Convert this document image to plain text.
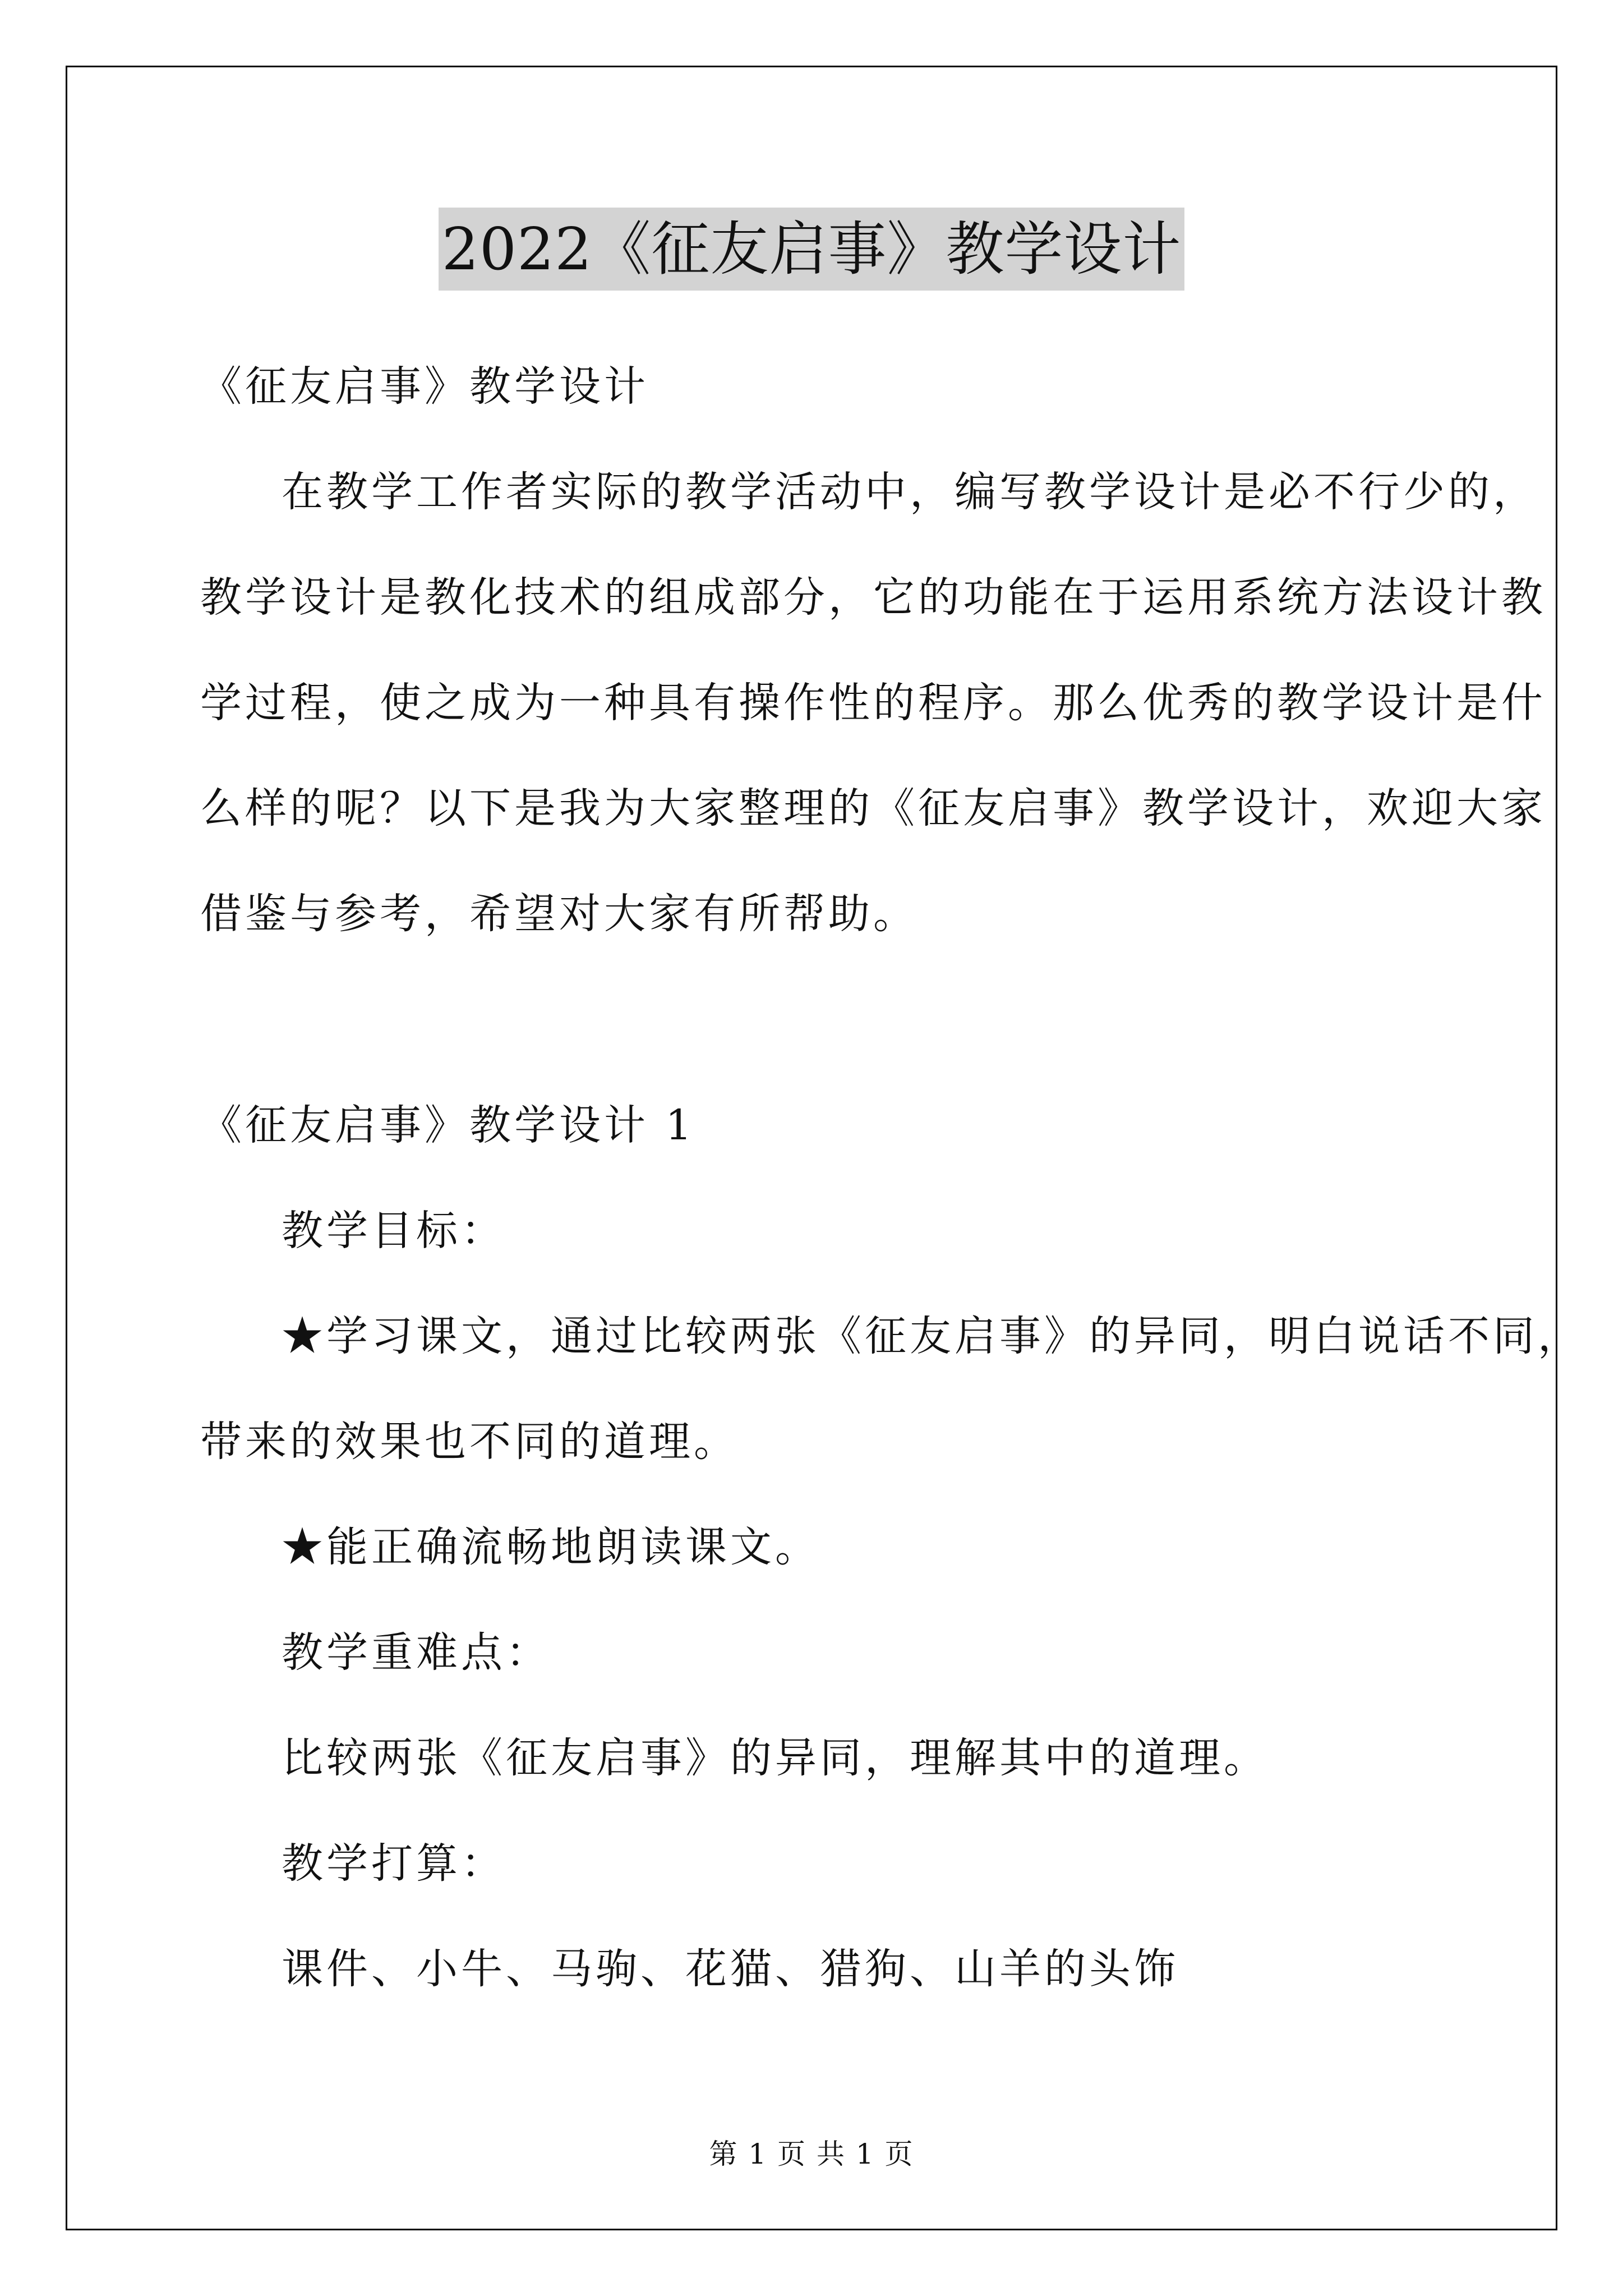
2022《征友启事》教学设计
《征友启事》教学设计
在教学工作者实际的教学活动中，编写教学设计是必不行少的，
教学设计是教化技术的组成部分，它的功能在于运用系统方法设计教
学过程，使之成为一种具有操作性的程序。那么优秀的教学设计是什
么样的呢？以下是我为大家整理的《征友启事》教学设计，欢迎大家
借鉴与参考，希望对大家有所帮助。
《征友启事》教学设计 1
教学目标：
★学习课文，通过比较两张《征友启事》的异同，明白说话不同，
带来的效果也不同的道理。
★能正确流畅地朗读课文。
教学重难点：
比较两张《征友启事》的异同，理解其中的道理。
教学打算：
课件、小牛、马驹、花猫、猎狗、山羊的头饰
第 1 页 共 1 页
